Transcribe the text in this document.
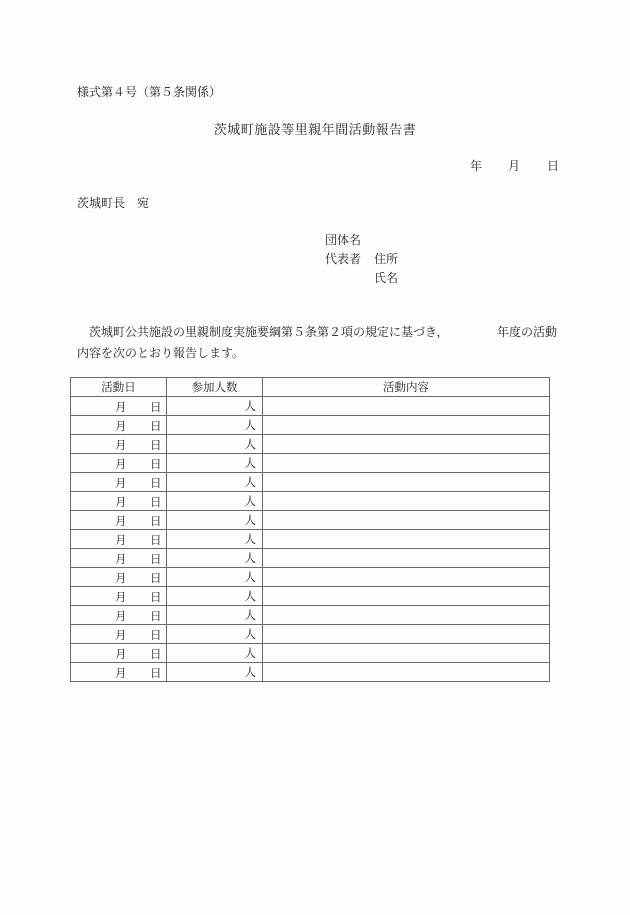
様式第４号（第５条関係）
茨城町施設等里親年間活動報告書
年 月 日
茨城町長　宛
団体名
代表者	住所
氏名
茨城町公共施設の里親制度実施要綱第５条第２項の規定に基づき，	年度の活動
内容を次のとおり報告します。
活動日	参加人数	活動内容

月 日	人	

月 日	人	

月 日	人	

月 日	人	

月 日	人	

月 日	人	

月 日	人	

月 日	人	

月 日	人	

月 日	人	

月 日	人	

月 日	人	

月 日	人	

月 日	人	

月 日	人	
